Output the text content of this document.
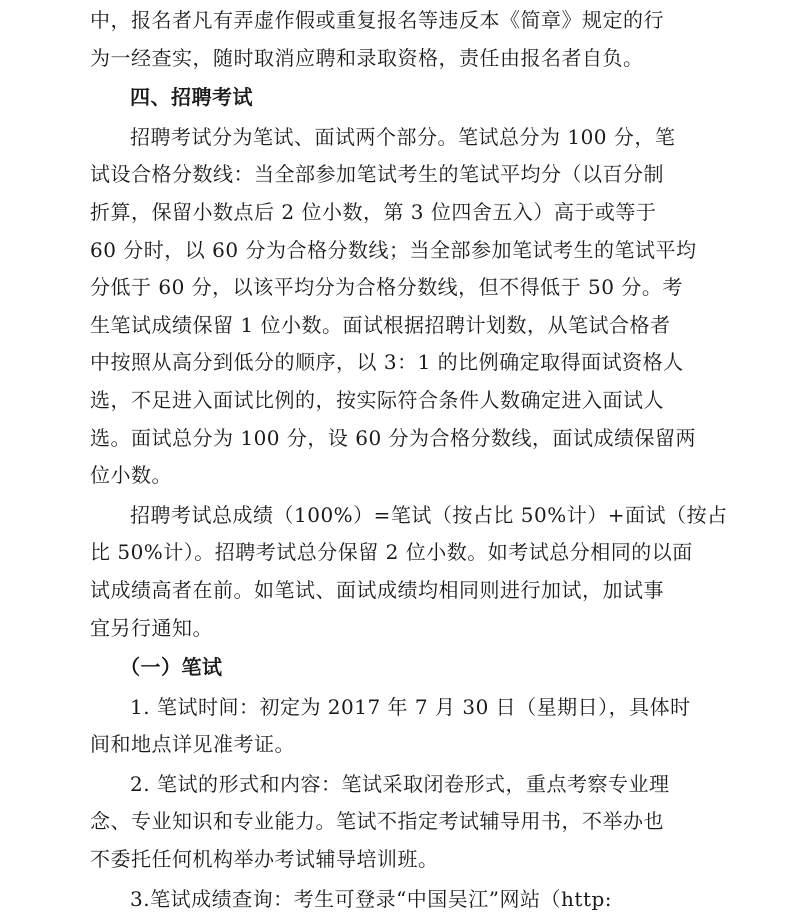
中，报名者凡有弄虚作假或重复报名等违反本《简章》规定的行
为一经查实，随时取消应聘和录取资格，责任由报名者自负。
四、招聘考试
招聘考试分为笔试、面试两个部分。笔试总分为 100 分，笔
试设合格分数线：当全部参加笔试考生的笔试平均分（以百分制
折算，保留小数点后 2 位小数，第 3 位四舍五入）高于或等于
60 分时，以 60 分为合格分数线；当全部参加笔试考生的笔试平均
分低于 60 分，以该平均分为合格分数线，但不得低于 50 分。考
生笔试成绩保留 1 位小数。面试根据招聘计划数，从笔试合格者
中按照从高分到低分的顺序，以 3：1 的比例确定取得面试资格人
选，不足进入面试比例的，按实际符合条件人数确定进入面试人
选。面试总分为 100 分，设 60 分为合格分数线，面试成绩保留两
位小数。
招聘考试总成绩（100%）=笔试（按占比 50%计）+面试（按占
比 50%计）。招聘考试总分保留 2 位小数。如考试总分相同的以面
试成绩高者在前。如笔试、面试成绩均相同则进行加试，加试事
宜另行通知。
（一）笔试
1. 笔试时间：初定为 2017 年 7 月 30 日（星期日），具体时
间和地点详见准考证。
2. 笔试的形式和内容：笔试采取闭卷形式，重点考察专业理
念、专业知识和专业能力。笔试不指定考试辅导用书，不举办也
不委托任何机构举办考试辅导培训班。
3.笔试成绩查询：考生可登录“中国吴江”网站（http:
